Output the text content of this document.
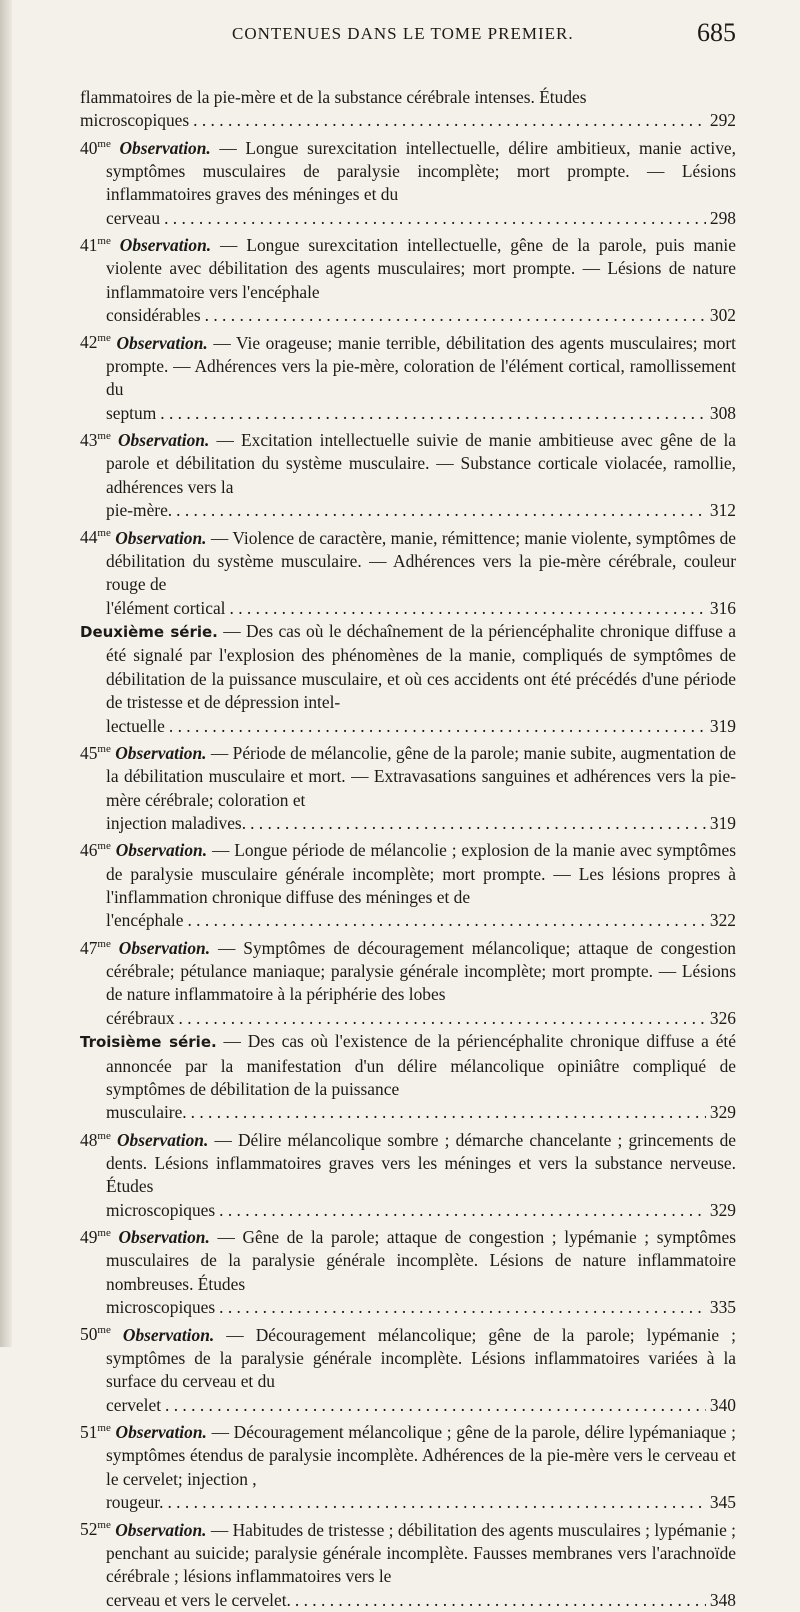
CONTENUES DANS LE TOME PREMIER.	685
flammatoires de la pie-mère et de la substance cérébrale intenses. Études
microscopiques . . .	292
$40^{me}$ Observation. — Longue surexcitation intellectuelle, délire ambitieux, manie active, symptômes musculaires de paralysie incomplète; mort prompte. — Lésions inflammatoires graves des méninges et du
cerveau . . .	298
$41^{me}$ Observation. — Longue surexcitation intellectuelle, gêne de la parole, puis manie violente avec débilitation des agents musculaires; mort prompte. — Lésions de nature inflammatoire vers l'encéphale
considérables . . .	302
$42^{me}$ Observation. — Vie orageuse; manie terrible, débilitation des agents musculaires; mort prompte. — Adhérences vers la pie-mère, coloration de l'élément cortical, ramollissement du
septum . . .	308
$43^{me}$ Observation. — Excitation intellectuelle suivie de manie ambitieuse avec gêne de la parole et débilitation du système musculaire. — Substance corticale violacée, ramollie, adhérences vers la
pie-mère. . . .	312
$44^{me}$ Observation. — Violence de caractère, manie, rémittence; manie violente, symptômes de débilitation du système musculaire. — Adhérences vers la pie-mère cérébrale, couleur rouge de
l'élément cortical . . .	316
Deuxième série. — Des cas où le déchaînement de la périencéphalite chronique diffuse a été signalé par l'explosion des phénomènes de la manie, compliqués de symptômes de débilitation de la puissance musculaire, et où ces accidents ont été précédés d'une période de tristesse et de dépression intel-
lectuelle . . .	319
$45^{me}$ Observation. — Période de mélancolie, gêne de la parole; manie subite, augmentation de la débilitation musculaire et mort. — Extravasations sanguines et adhérences vers la pie-mère cérébrale; coloration et
injection maladives. . . .	319
$46^{me}$ Observation. — Longue période de mélancolie ; explosion de la manie avec symptômes de paralysie musculaire générale incomplète; mort prompte. — Les lésions propres à l'inflammation chronique diffuse des méninges et de
l'encéphale . . .	322
$47^{me}$ Observation. — Symptômes de découragement mélancolique; attaque de congestion cérébrale; pétulance maniaque; paralysie générale incomplète; mort prompte. — Lésions de nature inflammatoire à la périphérie des lobes
cérébraux . . .	326
Troisième série. — Des cas où l'existence de la périencéphalite chronique diffuse a été annoncée par la manifestation d'un délire mélancolique opiniâtre compliqué de symptômes de débilitation de la puissance
musculaire. . . .	329
$48^{me}$ Observation. — Délire mélancolique sombre ; démarche chancelante ; grincements de dents. Lésions inflammatoires graves vers les méninges et vers la substance nerveuse. Études
microscopiques . . .	329
$49^{me}$ Observation. — Gêne de la parole; attaque de congestion ; lypémanie ; symptômes musculaires de la paralysie générale incomplète. Lésions de nature inflammatoire nombreuses. Études
microscopiques . . .	335
$50^{me}$ Observation. — Découragement mélancolique; gêne de la parole; lypémanie ; symptômes de la paralysie générale incomplète. Lésions inflammatoires variées à la surface du cerveau et du
cervelet . . .	340
$51^{me}$ Observation. — Découragement mélancolique ; gêne de la parole, délire lypémaniaque ; symptômes étendus de paralysie incomplète. Adhérences de la pie-mère vers le cerveau et le cervelet; injection ,
rougeur. . . .	345
$52^{me}$ Observation. — Habitudes de tristesse ; débilitation des agents musculaires ; lypémanie ; penchant au suicide; paralysie générale incomplète. Fausses membranes vers l'arachnoïde cérébrale ; lésions inflammatoires vers le
cerveau et vers le cervelet. . . .	348
